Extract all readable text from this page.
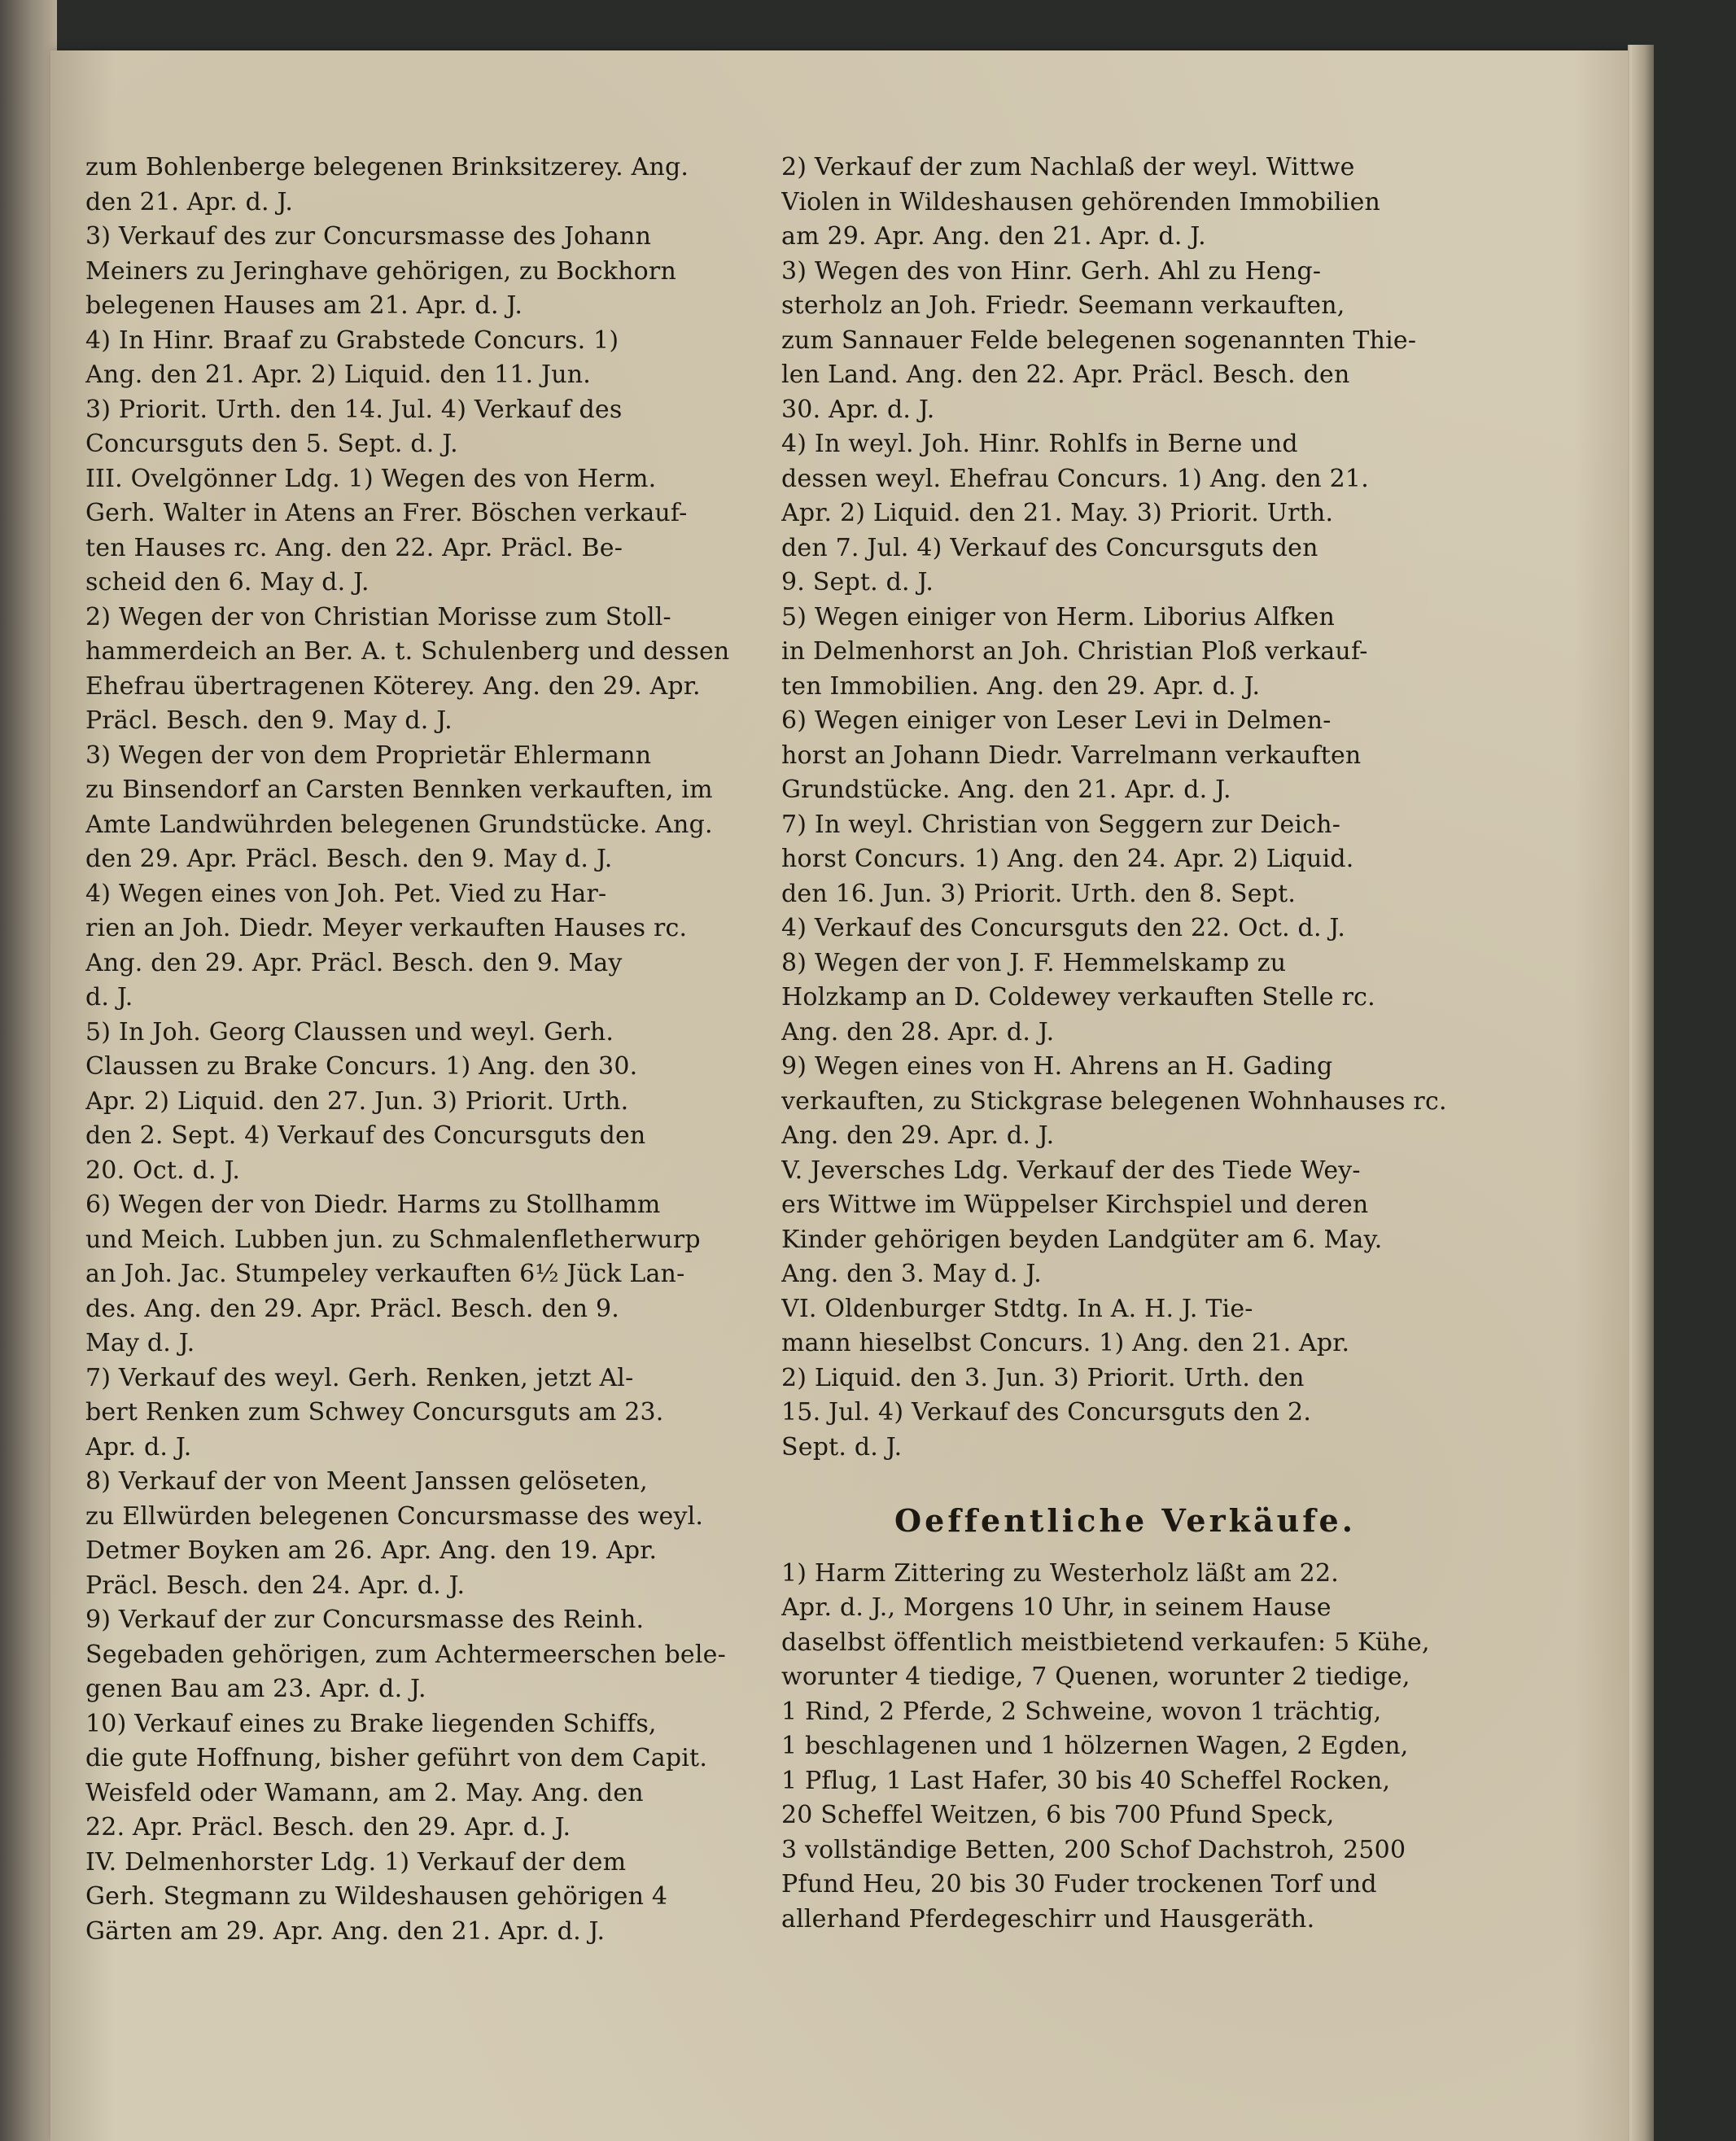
zum Bohlenberge belegenen Brinksitzerey. Ang.
den 21. Apr. d. J.
3) Verkauf des zur Concursmasse des Johann
Meiners zu Jeringhave gehörigen, zu Bockhorn
belegenen Hauses am 21. Apr. d. J.
4) In Hinr. Braaf zu Grabstede Concurs. 1)
Ang. den 21. Apr. 2) Liquid. den 11. Jun.
3) Priorit. Urth. den 14. Jul. 4) Verkauf des
Concursguts den 5. Sept. d. J.
III. Ovelgönner Ldg. 1) Wegen des von Herm.
Gerh. Walter in Atens an Frer. Böschen verkauf-
ten Hauses rc. Ang. den 22. Apr. Präcl. Be-
scheid den 6. May d. J.
2) Wegen der von Christian Morisse zum Stoll-
hammerdeich an Ber. A. t. Schulenberg und dessen
Ehefrau übertragenen Köterey. Ang. den 29. Apr.
Präcl. Besch. den 9. May d. J.
3) Wegen der von dem Proprietär Ehlermann
zu Binsendorf an Carsten Bennken verkauften, im
Amte Landwührden belegenen Grundstücke. Ang.
den 29. Apr. Präcl. Besch. den 9. May d. J.
4) Wegen eines von Joh. Pet. Vied zu Har-
rien an Joh. Diedr. Meyer verkauften Hauses rc.
Ang. den 29. Apr. Präcl. Besch. den 9. May
d. J.
5) In Joh. Georg Claussen und weyl. Gerh.
Claussen zu Brake Concurs. 1) Ang. den 30.
Apr. 2) Liquid. den 27. Jun. 3) Priorit. Urth.
den 2. Sept. 4) Verkauf des Concursguts den
20. Oct. d. J.
6) Wegen der von Diedr. Harms zu Stollhamm
und Meich. Lubben jun. zu Schmalenfletherwurp
an Joh. Jac. Stumpeley verkauften 6½ Jück Lan-
des. Ang. den 29. Apr. Präcl. Besch. den 9.
May d. J.
7) Verkauf des weyl. Gerh. Renken, jetzt Al-
bert Renken zum Schwey Concursguts am 23.
Apr. d. J.
8) Verkauf der von Meent Janssen gelöseten,
zu Ellwürden belegenen Concursmasse des weyl.
Detmer Boyken am 26. Apr. Ang. den 19. Apr.
Präcl. Besch. den 24. Apr. d. J.
9) Verkauf der zur Concursmasse des Reinh.
Segebaden gehörigen, zum Achtermeerschen bele-
genen Bau am 23. Apr. d. J.
10) Verkauf eines zu Brake liegenden Schiffs,
die gute Hoffnung, bisher geführt von dem Capit.
Weisfeld oder Wamann, am 2. May. Ang. den
22. Apr. Präcl. Besch. den 29. Apr. d. J.
IV. Delmenhorster Ldg. 1) Verkauf der dem
Gerh. Stegmann zu Wildeshausen gehörigen 4
Gärten am 29. Apr. Ang. den 21. Apr. d. J.
2) Verkauf der zum Nachlaß der weyl. Wittwe
Violen in Wildeshausen gehörenden Immobilien
am 29. Apr. Ang. den 21. Apr. d. J.
3) Wegen des von Hinr. Gerh. Ahl zu Heng-
sterholz an Joh. Friedr. Seemann verkauften,
zum Sannauer Felde belegenen sogenannten Thie-
len Land. Ang. den 22. Apr. Präcl. Besch. den
30. Apr. d. J.
4) In weyl. Joh. Hinr. Rohlfs in Berne und
dessen weyl. Ehefrau Concurs. 1) Ang. den 21.
Apr. 2) Liquid. den 21. May. 3) Priorit. Urth.
den 7. Jul. 4) Verkauf des Concursguts den
9. Sept. d. J.
5) Wegen einiger von Herm. Liborius Alfken
in Delmenhorst an Joh. Christian Ploß verkauf-
ten Immobilien. Ang. den 29. Apr. d. J.
6) Wegen einiger von Leser Levi in Delmen-
horst an Johann Diedr. Varrelmann verkauften
Grundstücke. Ang. den 21. Apr. d. J.
7) In weyl. Christian von Seggern zur Deich-
horst Concurs. 1) Ang. den 24. Apr. 2) Liquid.
den 16. Jun. 3) Priorit. Urth. den 8. Sept.
4) Verkauf des Concursguts den 22. Oct. d. J.
8) Wegen der von J. F. Hemmelskamp zu
Holzkamp an D. Coldewey verkauften Stelle rc.
Ang. den 28. Apr. d. J.
9) Wegen eines von H. Ahrens an H. Gading
verkauften, zu Stickgrase belegenen Wohnhauses rc.
Ang. den 29. Apr. d. J.
V. Jeversches Ldg. Verkauf der des Tiede Wey-
ers Wittwe im Wüppelser Kirchspiel und deren
Kinder gehörigen beyden Landgüter am 6. May.
Ang. den 3. May d. J.
VI. Oldenburger Stdtg. In A. H. J. Tie-
mann hieselbst Concurs. 1) Ang. den 21. Apr.
2) Liquid. den 3. Jun. 3) Priorit. Urth. den
15. Jul. 4) Verkauf des Concursguts den 2.
Sept. d. J.
Oeffentliche Verkäufe.
1) Harm Zittering zu Westerholz läßt am 22.
Apr. d. J., Morgens 10 Uhr, in seinem Hause
daselbst öffentlich meistbietend verkaufen: 5 Kühe,
worunter 4 tiedige, 7 Quenen, worunter 2 tiedige,
1 Rind, 2 Pferde, 2 Schweine, wovon 1 trächtig,
1 beschlagenen und 1 hölzernen Wagen, 2 Egden,
1 Pflug, 1 Last Hafer, 30 bis 40 Scheffel Rocken,
20 Scheffel Weitzen, 6 bis 700 Pfund Speck,
3 vollständige Betten, 200 Schof Dachstroh, 2500
Pfund Heu, 20 bis 30 Fuder trockenen Torf und
allerhand Pferdegeschirr und Hausgeräth.
